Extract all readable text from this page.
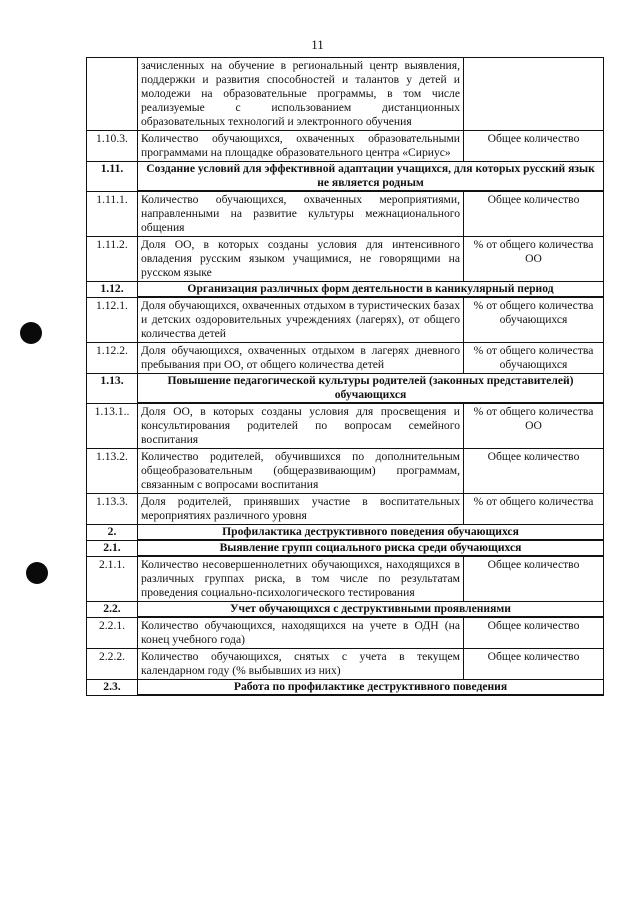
11
	зачисленных на обучение в региональный центр выявления, поддержки и развития способностей и талантов у детей и молодежи на образовательные программы, в том числе реализуемые с использованием дистанционных образовательных технологий и электронного обучения	
1.10.3.	Количество обучающихся, охваченных образовательными программами на площадке образовательного центра «Сириус»	Общее количество
1.11.	Создание условий для эффективной адаптации учащихся, для которых русский язык не является родным	
1.11.1.	Количество обучающихся, охваченных мероприятиями, направленными на развитие культуры межнационального общения	Общее количество
1.11.2.	Доля ОО, в которых созданы условия для интенсивного овладения русским языком учащимися, не говорящими на русском языке	% от общего количества ОО
1.12.	Организация различных форм деятельности в каникулярный период	
1.12.1.	Доля обучающихся, охваченных отдыхом в туристических базах и детских оздоровительных учреждениях (лагерях), от общего количества детей	% от общего количества обучающихся
1.12.2.	Доля обучающихся, охваченных отдыхом в лагерях дневного пребывания при ОО, от общего количества детей	% от общего количества обучающихся
1.13.	Повышение педагогической культуры родителей (законных представителей) обучающихся	
1.13.1..	Доля ОО, в которых созданы условия для просвещения и консультирования родителей по вопросам семейного воспитания	% от общего количества ОО
1.13.2.	Количество родителей, обучившихся по дополнительным общеобразовательным (общеразвивающим) программам, связанным с вопросами воспитания	Общее количество
1.13.3.	Доля родителей, принявших участие в воспитательных мероприятиях различного уровня	% от общего количества
2.	Профилактика деструктивного поведения обучающихся	
2.1.	Выявление групп социального риска среди обучающихся	
2.1.1.	Количество несовершеннолетних обучающихся, находящихся в различных группах риска, в том числе по результатам проведения социально-психологического тестирования	Общее количество
2.2.	Учет обучающихся с деструктивными проявлениями	
2.2.1.	Количество обучающихся, находящихся на учете в ОДН (на конец учебного года)	Общее количество
2.2.2.	Количество обучающихся, снятых с учета в текущем календарном году (% выбывших из них)	Общее количество
2.3.	Работа по профилактике деструктивного поведения	
